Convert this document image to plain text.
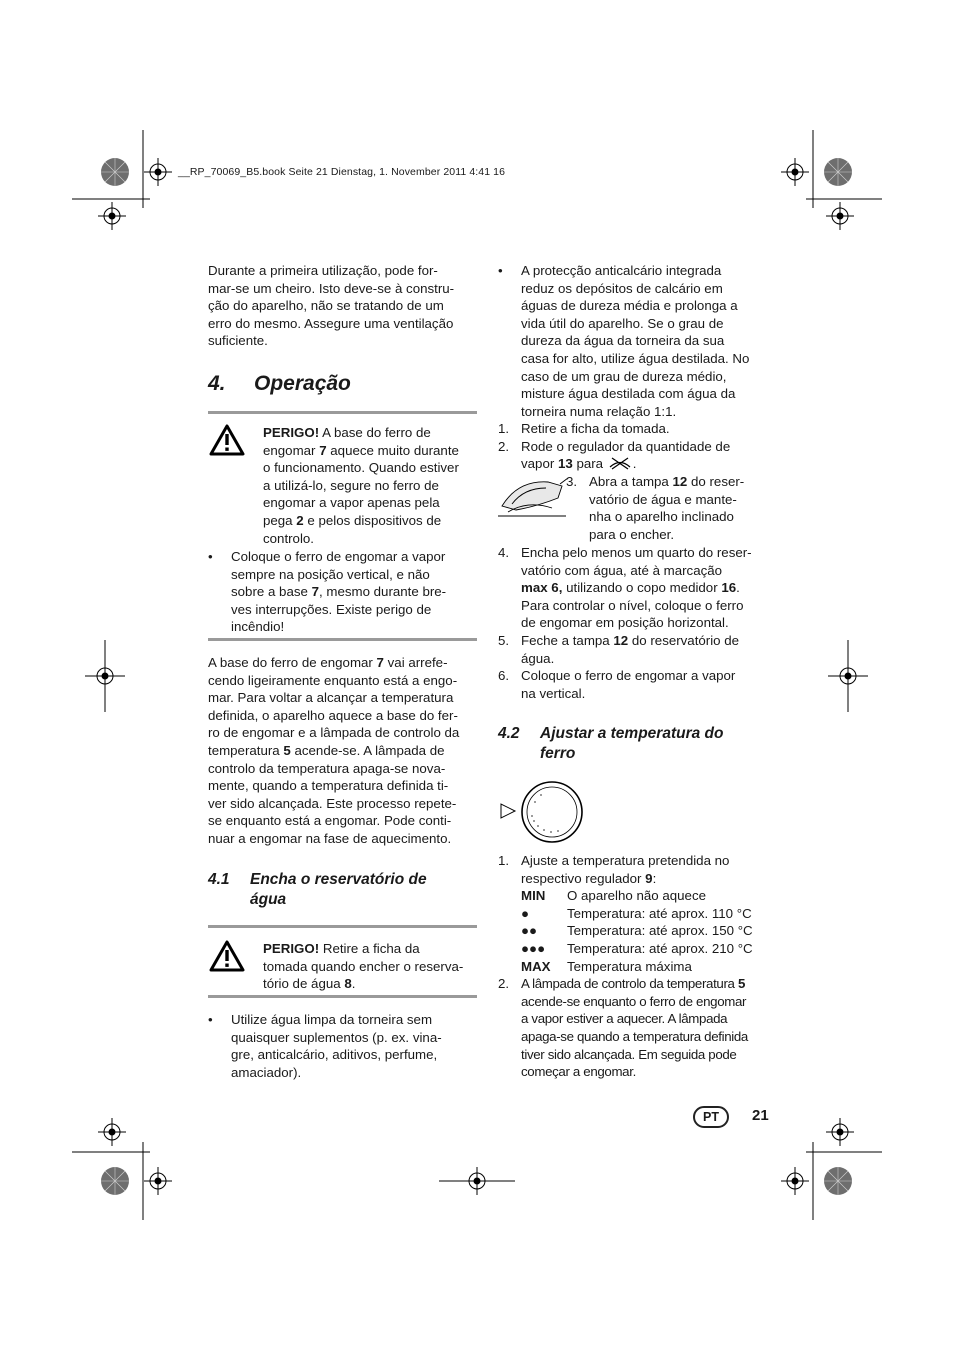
__RP_70069_B5.book Seite 21 Dienstag, 1. November 2011 4:41 16

Durante a primeira utilização, pode for-

mar-se um cheiro. Isto deve-se à constru-

ção do aparelho, não se tratando de um

erro do mesmo. Assegure uma ventilação

suficiente.

4.	Operação

PERIGO! A base do ferro de

engomar 7 aquece muito durante

o funcionamento. Quando estiver

a utilizá-lo, segure no ferro de

engomar a vapor apenas pela

pega 2 e pelos dispositivos de

controlo.

•	Coloque o ferro de engomar a vapor

sempre na posição vertical, e não

sobre a base 7, mesmo durante bre-

ves interrupções. Existe perigo de

incêndio!

A base do ferro de engomar 7 vai arrefe-

cendo ligeiramente enquanto está a engo-

mar. Para voltar a alcançar a temperatura

definida, o aparelho aquece a base do fer-

ro de engomar e a lâmpada de controlo da

temperatura 5 acende-se. A lâmpada de

controlo da temperatura apaga-se nova-

mente, quando a temperatura definida ti-

ver sido alcançada. Este processo repete-

se enquanto está a engomar. Pode conti-

nuar a engomar na fase de aquecimento.

4.1	Encha o reservatório de
água

PERIGO! Retire a ficha da

tomada quando encher o reserva-

tório de água 8.

•	Utilize água limpa da torneira sem

quaisquer suplementos (p. ex. vina-

gre, anticalcário, aditivos, perfume,

amaciador).

•	A protecção anticalcário integrada

reduz os depósitos de calcário em

águas de dureza média e prolonga a

vida útil do aparelho. Se o grau de

dureza da água da torneira da sua

casa for alto, utilize água destilada. No

caso de um grau de dureza médio,

misture água destilada com água da

torneira numa relação 1:1.

1. Retire a ficha da tomada.
2. Rode o regulador da quantidade de

vapor 13 para .

3. Abra a tampa 12 do reser-

vatório de água e mante-

nha o aparelho inclinado

para o encher.

4. Encha pelo menos um quarto do reser-

vatório com água, até à marcação

max 6, utilizando o copo medidor 16.

Para controlar o nível, coloque o ferro

de engomar em posição horizontal.

5. Feche a tampa 12 do reservatório de

água.

6. Coloque o ferro de engomar a vapor

na vertical.

4.2	Ajustar a temperatura do
ferro
1. Ajuste a temperatura pretendida no

respectivo regulador 9:

MIN	O aparelho não aquece
●	Temperatura: até aprox. 110 °C
●●	Temperatura: até aprox. 150 °C
●●●	Temperatura: até aprox. 210 °C
MAX	Temperatura máxima
2. A lâmpada de controlo da temperatura 5

acende-se enquanto o ferro de engomar

a vapor estiver a aquecer. A lâmpada

apaga-se quando a temperatura definida

tiver sido alcançada. Em seguida pode

começar a engomar.

PT	21
